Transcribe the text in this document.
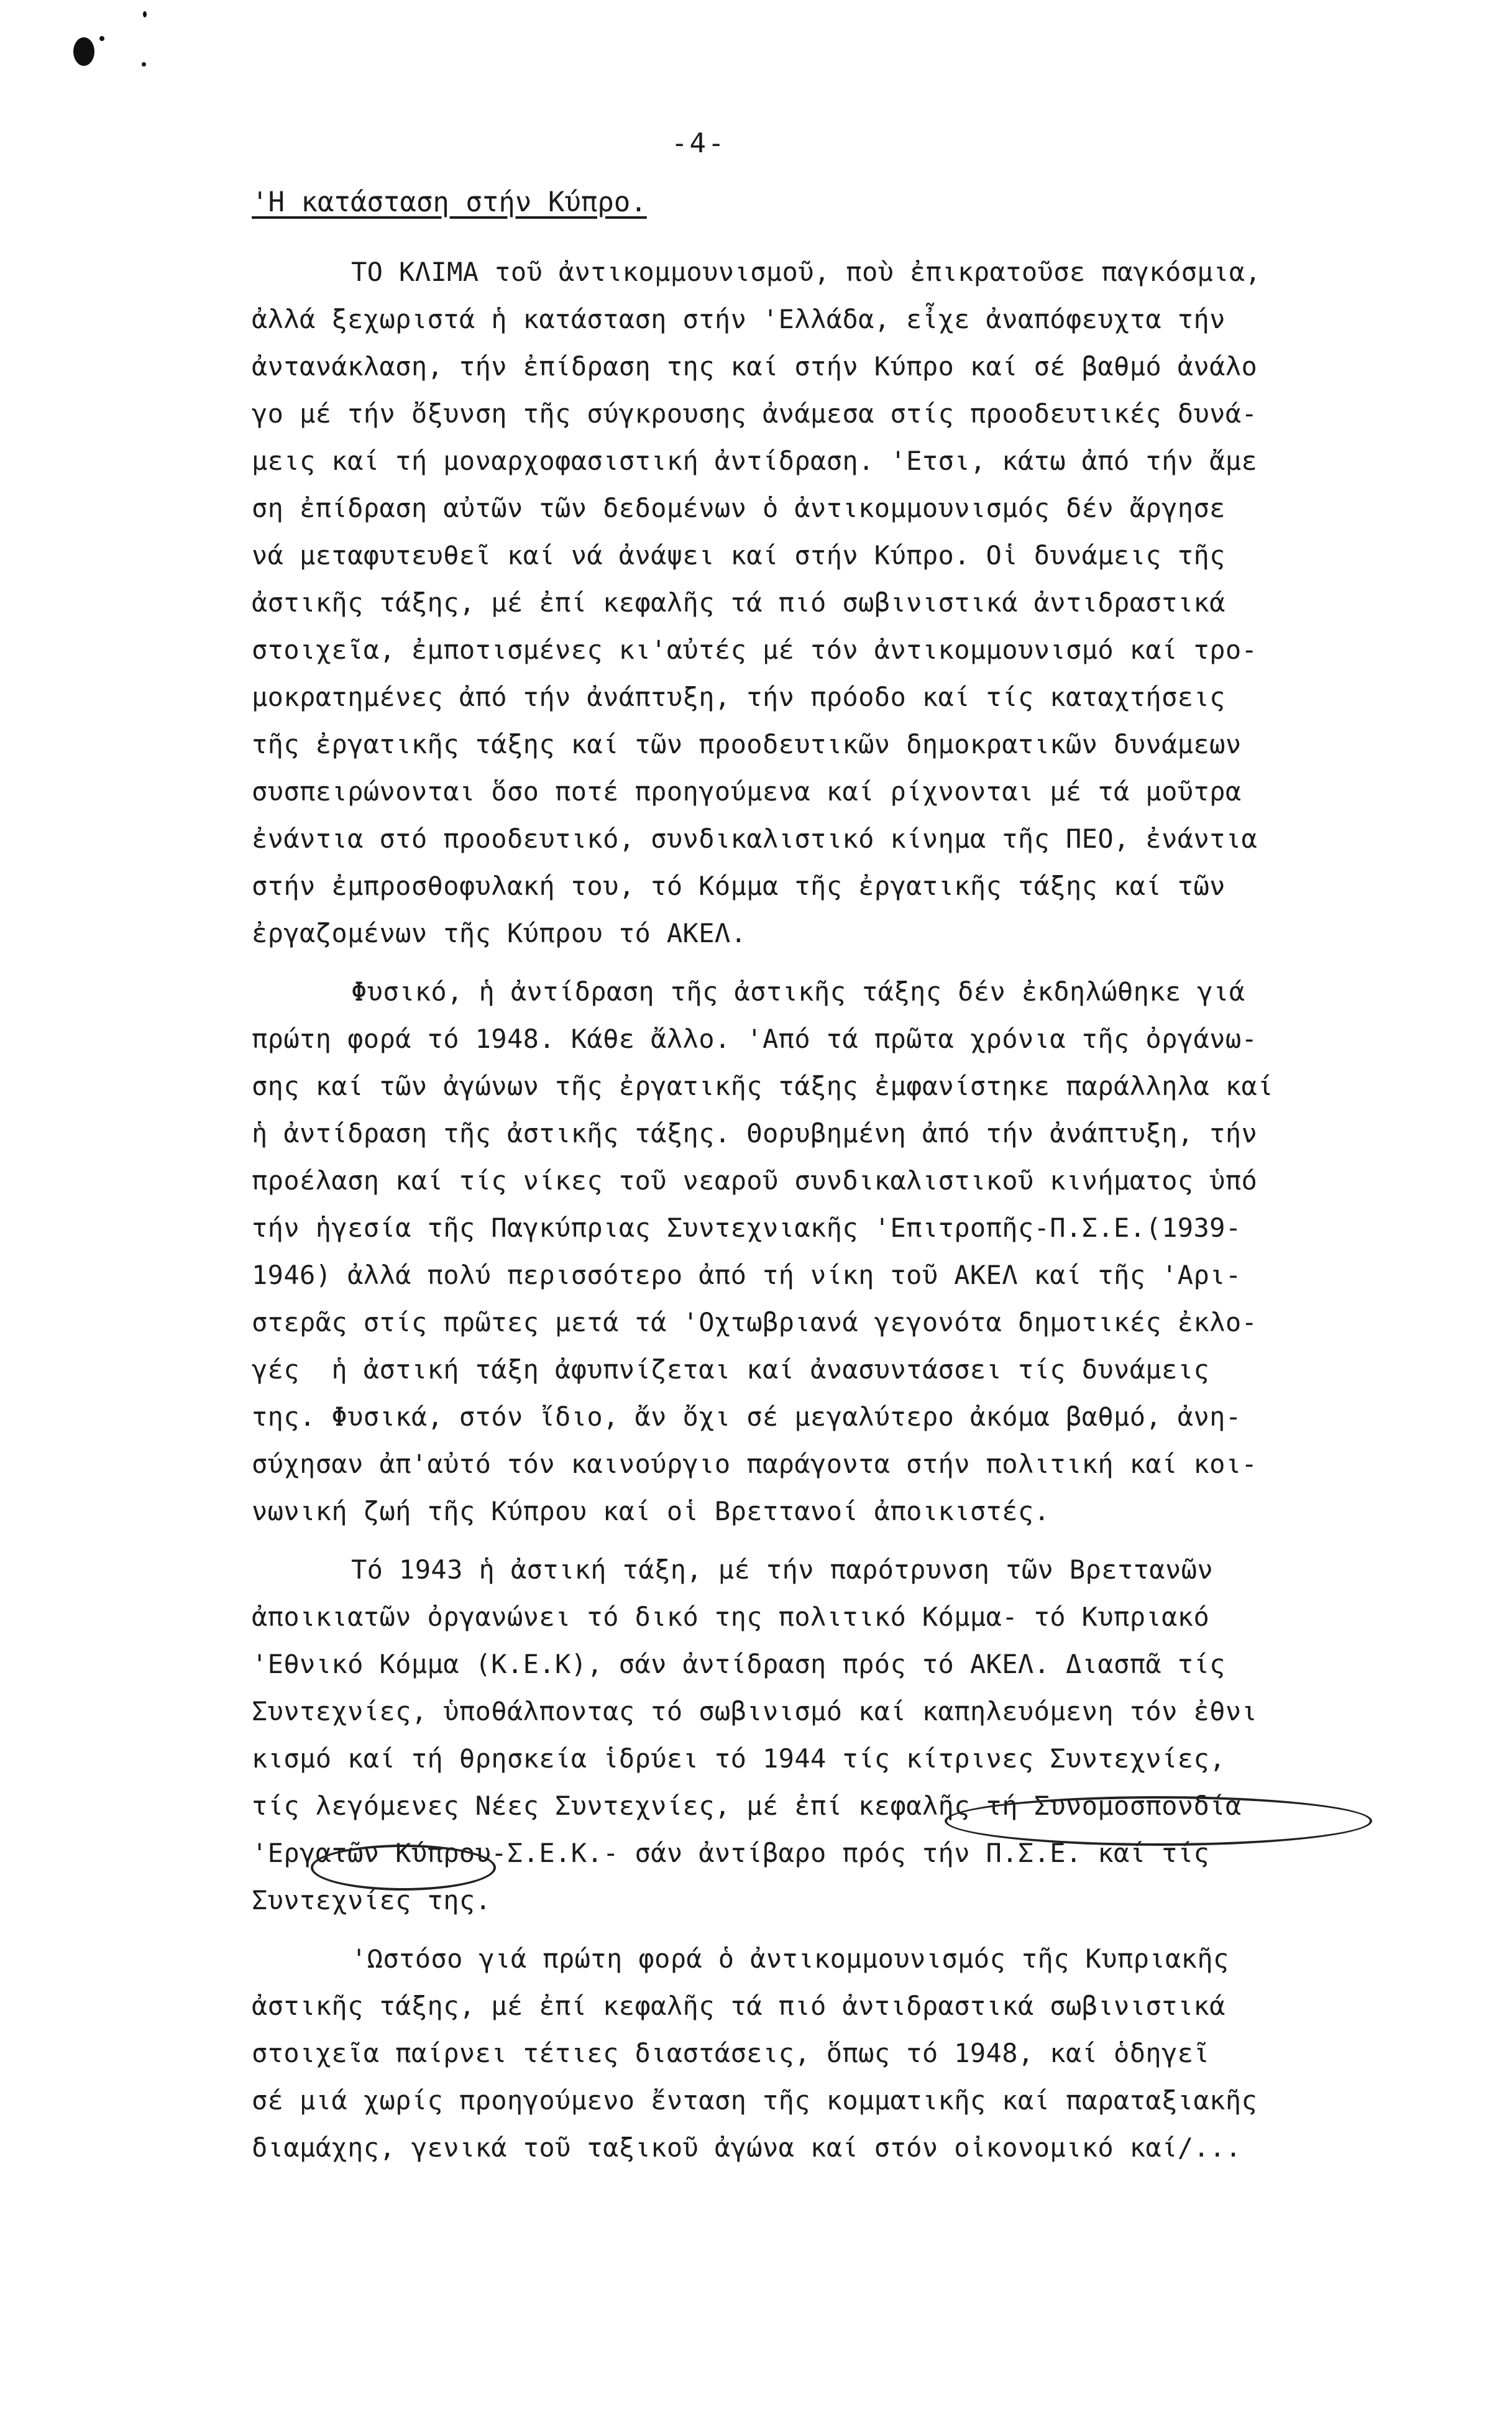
-4-
'Η κατάσταση στήν Κύπρο.
ΤΟ ΚΛΙΜΑ τοῦ ἀντικομμουνισμοῦ, ποὺ ἐπικρατοῦσε παγκόσμια,
ἀλλά ξεχωριστά ἡ κατάσταση στήν 'Ελλάδα, εἶχε ἀναπόφευχτα τήν
ἀντανάκλαση, τήν ἐπίδραση της καί στήν Κύπρο καί σέ βαθμό ἀνάλο
γο μέ τήν ὄξυνση τῆς σύγκρουσης ἀνάμεσα στίς προοδευτικές δυνά-
μεις καί τή μοναρχοφασιστική ἀντίδραση. 'Ετσι, κάτω ἀπό τήν ἄμε
ση ἐπίδραση αὐτῶν τῶν δεδομένων ὁ ἀντικομμουνισμός δέν ἄργησε
νά μεταφυτευθεῖ καί νά ἀνάψει καί στήν Κύπρο. Οἱ δυνάμεις τῆς
ἀστικῆς τάξης, μέ ἐπί κεφαλῆς τά πιό σωβινιστικά ἀντιδραστικά
στοιχεῖα, ἐμποτισμένες κι'αὐτές μέ τόν ἀντικομμουνισμό καί τρο-
μοκρατημένες ἀπό τήν ἀνάπτυξη, τήν πρόοδο καί τίς καταχτήσεις
τῆς ἐργατικῆς τάξης καί τῶν προοδευτικῶν δημοκρατικῶν δυνάμεων
συσπειρώνονται ὅσο ποτέ προηγούμενα καί ρίχνονται μέ τά μοῦτρα
ἐνάντια στό προοδευτικό, συνδικαλιστικό κίνημα τῆς ΠΕΟ, ἐνάντια
στήν ἐμπροσθοφυλακή του, τό Κόμμα τῆς ἐργατικῆς τάξης καί τῶν
ἐργαζομένων τῆς Κύπρου τό ΑΚΕΛ.
Φυσικό, ἡ ἀντίδραση τῆς ἀστικῆς τάξης δέν ἐκδηλώθηκε γιά
πρώτη φορά τό 1948. Κάθε ἄλλο. 'Από τά πρῶτα χρόνια τῆς ὀργάνω-
σης καί τῶν ἀγώνων τῆς ἐργατικῆς τάξης ἐμφανίστηκε παράλληλα καί
ἡ ἀντίδραση τῆς ἀστικῆς τάξης. Θορυβημένη ἀπό τήν ἀνάπτυξη, τήν
προέλαση καί τίς νίκες τοῦ νεαροῦ συνδικαλιστικοῦ κινήματος ὑπό
τήν ἡγεσία τῆς Παγκύπριας Συντεχνιακῆς 'Επιτροπῆς-Π.Σ.Ε.(1939-
1946) ἀλλά πολύ περισσότερο ἀπό τή νίκη τοῦ ΑΚΕΛ καί τῆς 'Αρι-
στερᾶς στίς πρῶτες μετά τά 'Οχτωβριανά γεγονότα δημοτικές ἐκλο-
γές  ἡ ἀστική τάξη ἀφυπνίζεται καί ἀνασυντάσσει τίς δυνάμεις
της. Φυσικά, στόν ἴδιο, ἄν ὄχι σέ μεγαλύτερο ἀκόμα βαθμό, ἀνη-
σύχησαν ἀπ'αὐτό τόν καινούργιο παράγοντα στήν πολιτική καί κοι-
νωνική ζωή τῆς Κύπρου καί οἱ Βρεττανοί ἀποικιστές.
Τό 1943 ἡ ἀστική τάξη, μέ τήν παρότρυνση τῶν Βρεττανῶν
ἀποικιατῶν ὀργανώνει τό δικό της πολιτικό Κόμμα- τό Κυπριακό
'Εθνικό Κόμμα (Κ.Ε.Κ), σάν ἀντίδραση πρός τό ΑΚΕΛ. Διασπᾶ τίς
Συντεχνίες, ὑποθάλποντας τό σωβινισμό καί καπηλευόμενη τόν ἐθνι
κισμό καί τή θρησκεία ἱδρύει τό 1944 τίς κίτρινες Συντεχνίες,
τίς λεγόμενες Νέες Συντεχνίες, μέ ἐπί κεφαλῆς τή Συνομοσπονδία
'Εργατῶν Κύπρου-Σ.Ε.Κ.- σάν ἀντίβαρο πρός τήν Π.Σ.Ε. καί τίς
Συντεχνίες της.
'Ωστόσο γιά πρώτη φορά ὁ ἀντικομμουνισμός τῆς Κυπριακῆς
ἀστικῆς τάξης, μέ ἐπί κεφαλῆς τά πιό ἀντιδραστικά σωβινιστικά
στοιχεῖα παίρνει τέτιες διαστάσεις, ὅπως τό 1948, καί ὁδηγεῖ
σέ μιά χωρίς προηγούμενο ἔνταση τῆς κομματικῆς καί παραταξιακῆς
διαμάχης, γενικά τοῦ ταξικοῦ ἀγώνα καί στόν οἰκονομικό καί/...
